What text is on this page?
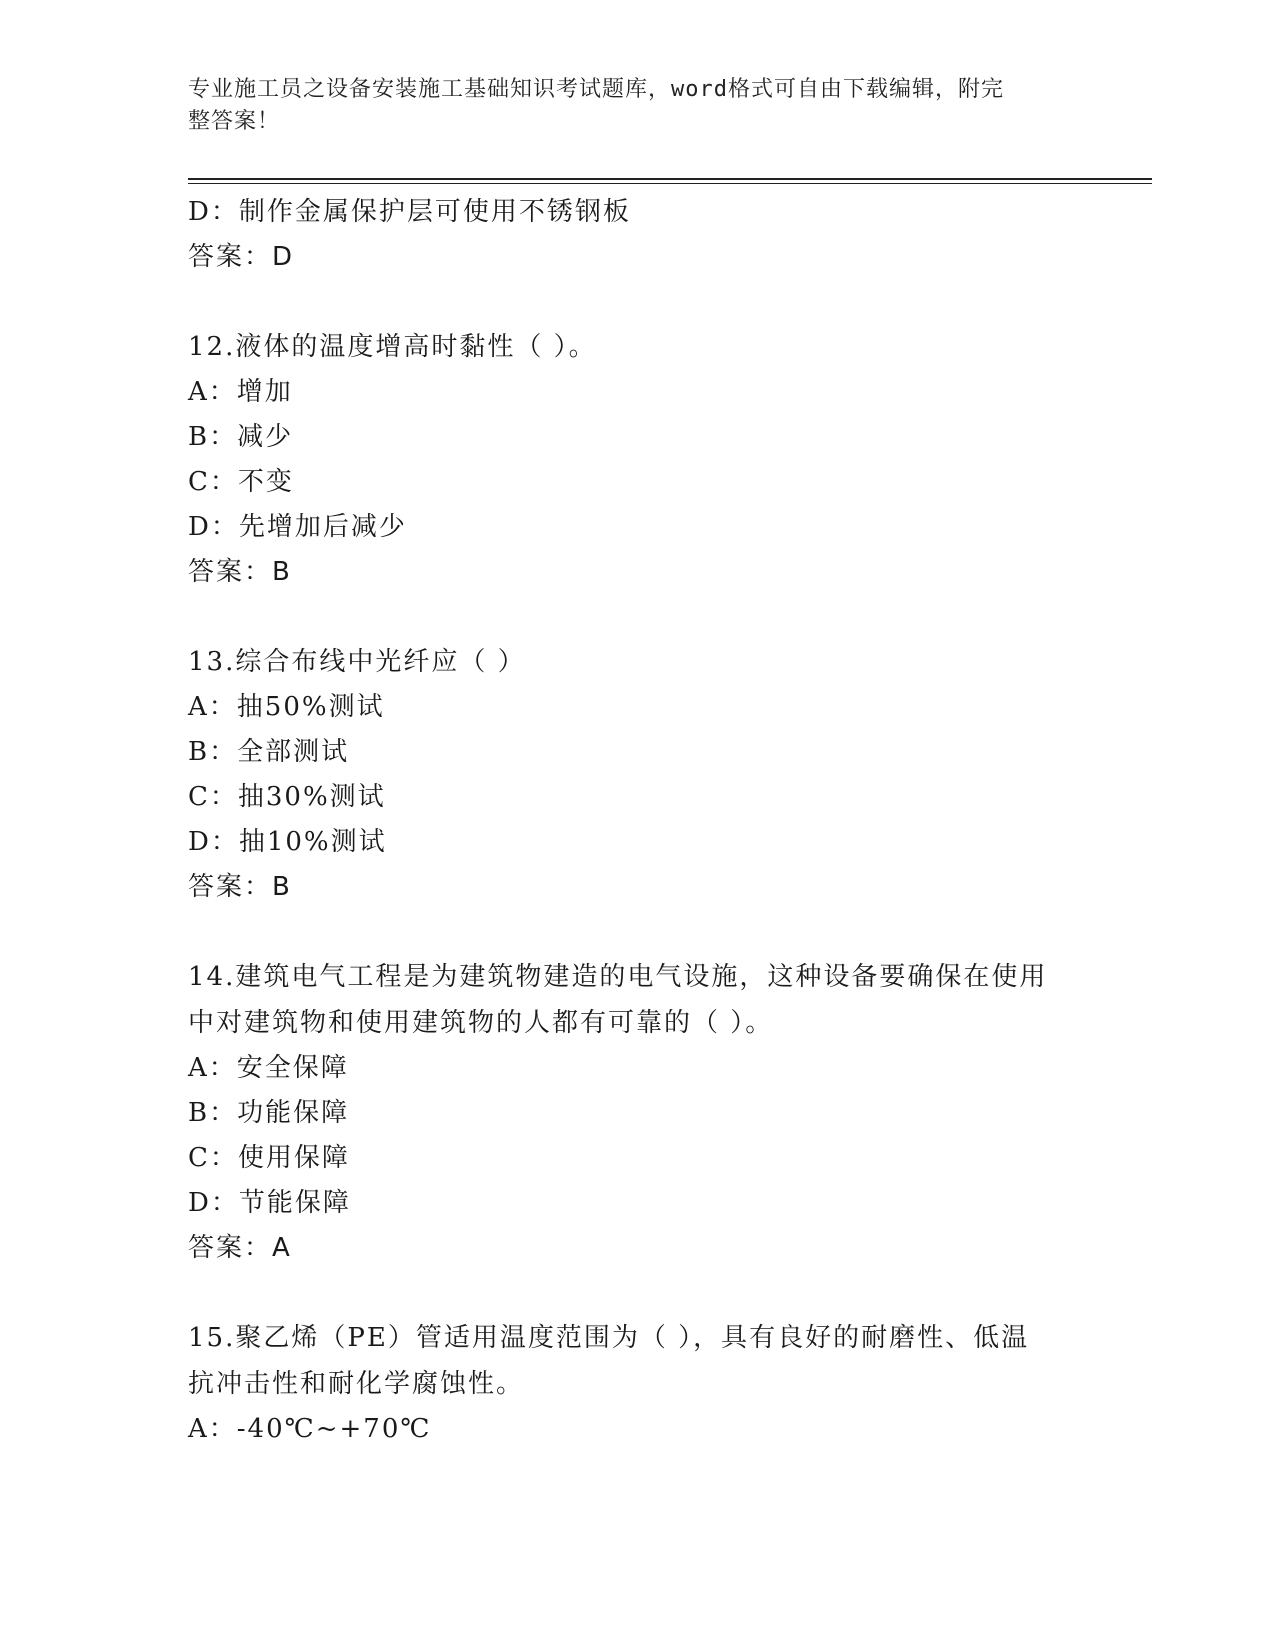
专业施工员之设备安装施工基础知识考试题库，word格式可自由下载编辑，附完
整答案！
D：制作金属保护层可使用不锈钢板
答案：D
12.液体的温度增高时黏性（ ）。
A：增加
B：减少
C：不变
D：先增加后减少
答案：B
13.综合布线中光纤应（ ）
A：抽50%测试
B：全部测试
C：抽30%测试
D：抽10%测试
答案：B
14.建筑电气工程是为建筑物建造的电气设施，这种设备要确保在使用
中对建筑物和使用建筑物的人都有可靠的（ ）。
A：安全保障
B：功能保障
C：使用保障
D：节能保障
答案：A
15.聚乙烯（PE）管适用温度范围为（ ），具有良好的耐磨性、低温
抗冲击性和耐化学腐蚀性。
A：-40℃~+70℃
